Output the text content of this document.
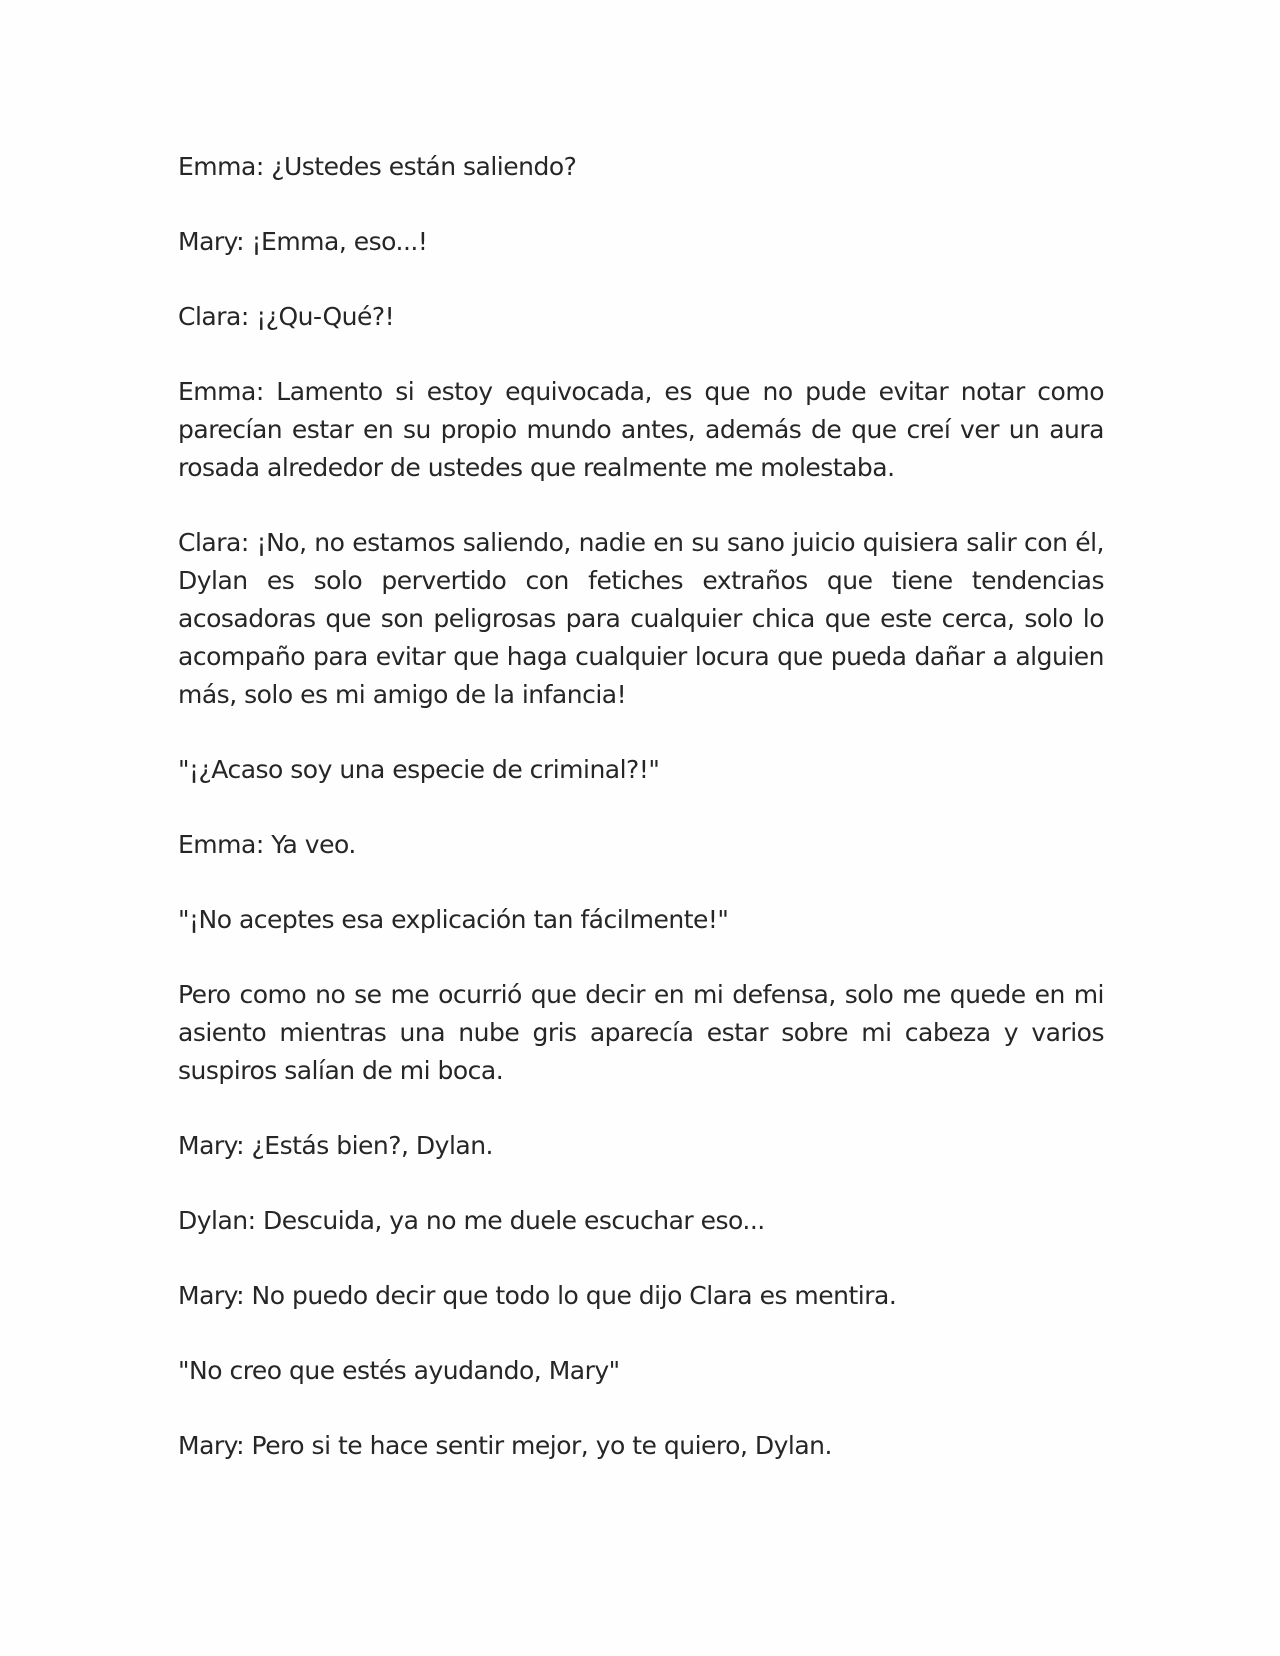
Emma: ¿Ustedes están saliendo?

Mary: ¡Emma, eso...!

Clara: ¡¿Qu-Qué?!

Emma: Lamento si estoy equivocada, es que no pude evitar notar como parecían estar en su propio mundo antes, además de que creí ver un aura rosada alrededor de ustedes que realmente me molestaba.

Clara: ¡No, no estamos saliendo, nadie en su sano juicio quisiera salir con él, Dylan es solo pervertido con fetiches extraños que tiene tendencias acosadoras que son peligrosas para cualquier chica que este cerca, solo lo acompaño para evitar que haga cualquier locura que pueda dañar a alguien más, solo es mi amigo de la infancia!

"¡¿Acaso soy una especie de criminal?!"

Emma: Ya veo.

"¡No aceptes esa explicación tan fácilmente!"

Pero como no se me ocurrió que decir en mi defensa, solo me quede en mi asiento mientras una nube gris aparecía estar sobre mi cabeza y varios suspiros salían de mi boca.

Mary: ¿Estás bien?, Dylan.

Dylan: Descuida, ya no me duele escuchar eso...

Mary: No puedo decir que todo lo que dijo Clara es mentira.

"No creo que estés ayudando, Mary"

Mary: Pero si te hace sentir mejor, yo te quiero, Dylan.
